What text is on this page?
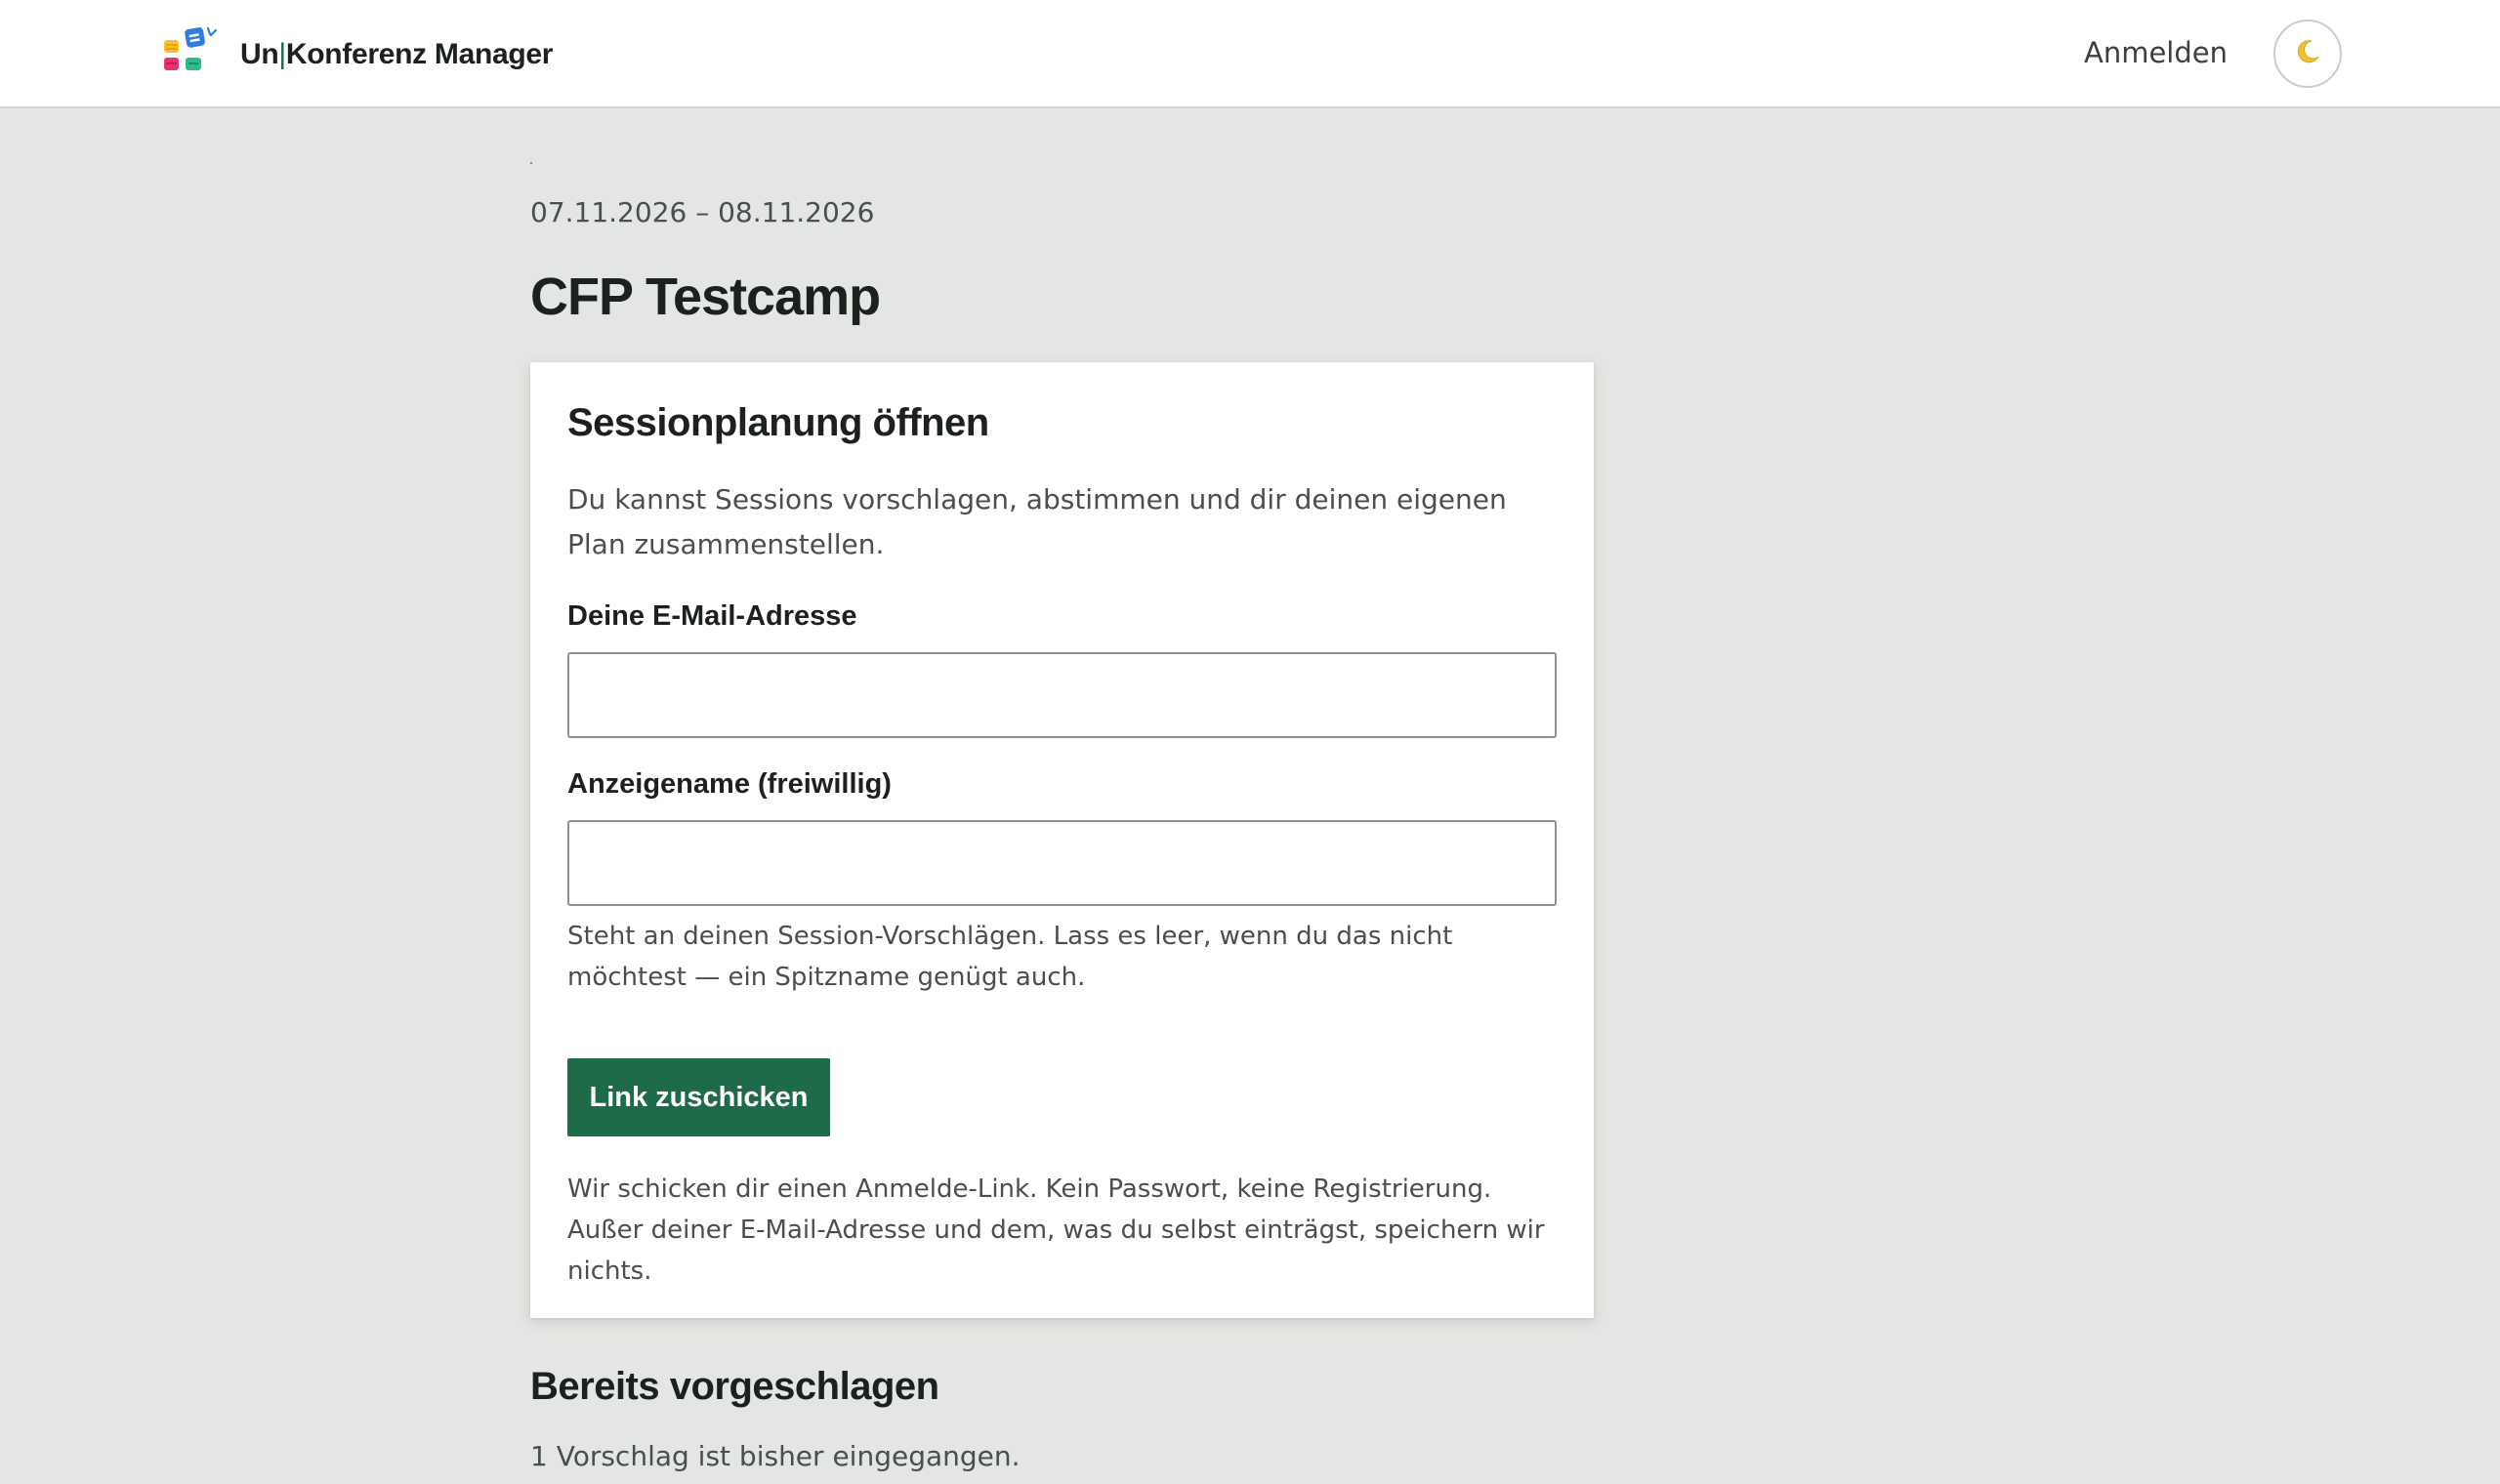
Un|Konferenz Manager	Anmelden
07.11.2026 – 08.11.2026
CFP Testcamp
Sessionplanung öffnen

Du kannst Sessions vorschlagen, abstimmen und dir deinen eigenen Plan zusammenstellen.

Deine E-Mail-Adresse
Anzeigename (freiwillig)

Steht an deinen Session-Vorschlägen. Lass es leer, wenn du das nicht möchtest — ein Spitzname genügt auch.

Link zuschicken

Wir schicken dir einen Anmelde-Link. Kein Passwort, keine Registrierung. Außer deiner E-Mail-Adresse und dem, was du selbst einträgst, speichern wir nichts.

Bereits vorgeschlagen

1 Vorschlag ist bisher eingegangen.
